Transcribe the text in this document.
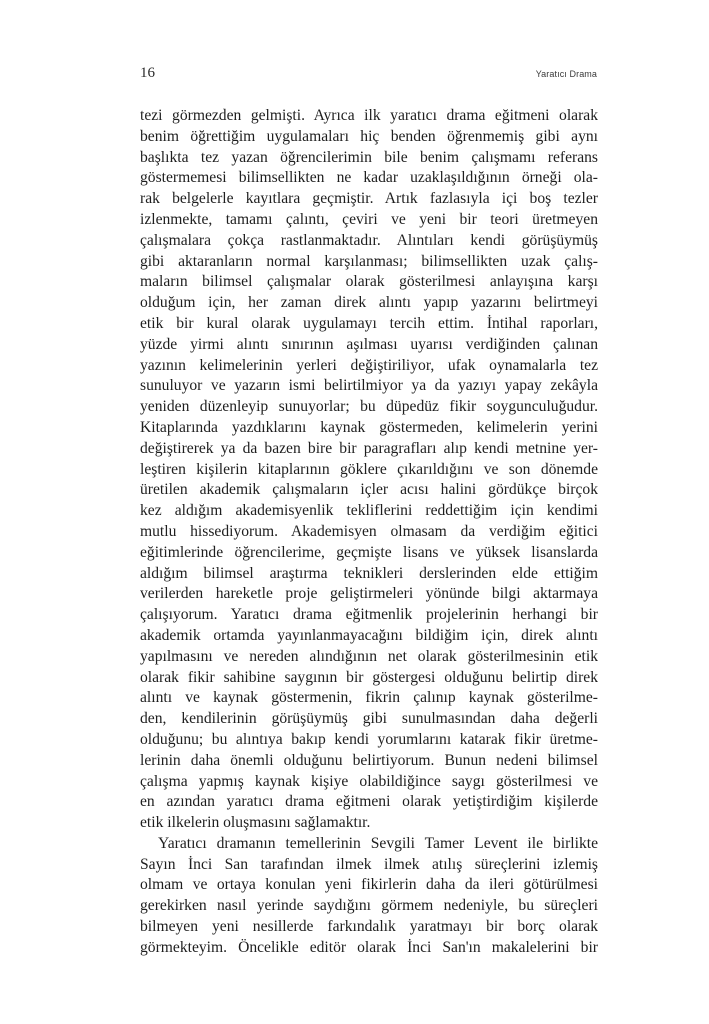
16	Yaratıcı Drama
tezi görmezden gelmişti. Ayrıca ilk yaratıcı drama eğitmeni olarak
benim öğrettiğim uygulamaları hiç benden öğrenmemiş gibi aynı
başlıkta tez yazan öğrencilerimin bile benim çalışmamı referans
göstermemesi bilimsellikten ne kadar uzaklaşıldığının örneği ola-
rak belgelerle kayıtlara geçmiştir. Artık fazlasıyla içi boş tezler
izlenmekte, tamamı çalıntı, çeviri ve yeni bir teori üretmeyen
çalışmalara çokça rastlanmaktadır. Alıntıları kendi görüşüymüş
gibi aktaranların normal karşılanması; bilimsellikten uzak çalış-
maların bilimsel çalışmalar olarak gösterilmesi anlayışına karşı
olduğum için, her zaman direk alıntı yapıp yazarını belirtmeyi
etik bir kural olarak uygulamayı tercih ettim. İntihal raporları,
yüzde yirmi alıntı sınırının aşılması uyarısı verdiğinden çalınan
yazının kelimelerinin yerleri değiştiriliyor, ufak oynamalarla tez
sunuluyor ve yazarın ismi belirtilmiyor ya da yazıyı yapay zekâyla
yeniden düzenleyip sunuyorlar; bu düpedüz fikir soygunculuğudur.
Kitaplarında yazdıklarını kaynak göstermeden, kelimelerin yerini
değiştirerek ya da bazen bire bir paragrafları alıp kendi metnine yer-
leştiren kişilerin kitaplarının göklere çıkarıldığını ve son dönemde
üretilen akademik çalışmaların içler acısı halini gördükçe birçok
kez aldığım akademisyenlik tekliflerini reddettiğim için kendimi
mutlu hissediyorum. Akademisyen olmasam da verdiğim eğitici
eğitimlerinde öğrencilerime, geçmişte lisans ve yüksek lisanslarda
aldığım bilimsel araştırma teknikleri derslerinden elde ettiğim
verilerden hareketle proje geliştirmeleri yönünde bilgi aktarmaya
çalışıyorum. Yaratıcı drama eğitmenlik projelerinin herhangi bir
akademik ortamda yayınlanmayacağını bildiğim için, direk alıntı
yapılmasını ve nereden alındığının net olarak gösterilmesinin etik
olarak fikir sahibine saygının bir göstergesi olduğunu belirtip direk
alıntı ve kaynak göstermenin, fikrin çalınıp kaynak gösterilme-
den, kendilerinin görüşüymüş gibi sunulmasından daha değerli
olduğunu; bu alıntıya bakıp kendi yorumlarını katarak fikir üretme-
lerinin daha önemli olduğunu belirtiyorum. Bunun nedeni bilimsel
çalışma yapmış kaynak kişiye olabildiğince saygı gösterilmesi ve
en azından yaratıcı drama eğitmeni olarak yetiştirdiğim kişilerde
etik ilkelerin oluşmasını sağlamaktır.
Yaratıcı dramanın temellerinin Sevgili Tamer Levent ile birlikte
Sayın İnci San tarafından ilmek ilmek atılış süreçlerini izlemiş
olmam ve ortaya konulan yeni fikirlerin daha da ileri götürülmesi
gerekirken nasıl yerinde saydığını görmem nedeniyle, bu süreçleri
bilmeyen yeni nesillerde farkındalık yaratmayı bir borç olarak
görmekteyim. Öncelikle editör olarak İnci San'ın makalelerini bir
